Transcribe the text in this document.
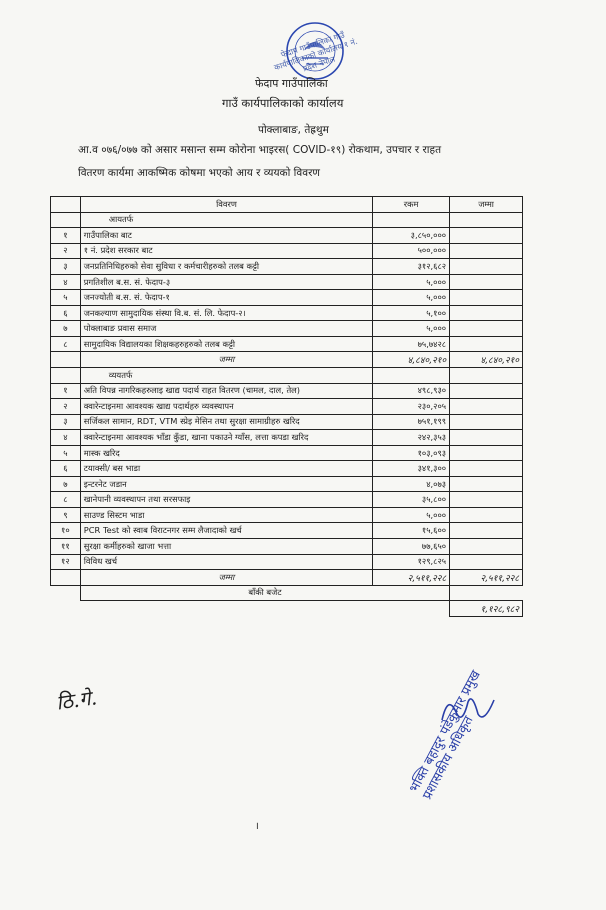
फेदाप गाउँपालिका गाउँ कार्यपालिकाको कार्यालय १ नं. प्रदेश नेपाल
फेदाप गाउँपालिका
गाउँ कार्यपालिकाको कार्यालय
पोक्लाबाङ, तेह्रथुम
आ.व ०७६/०७७ को असार मसान्त सम्म कोरोना भाइरस( COVID-१९) रोकथाम, उपचार र राहत
वितरण कार्यमा आकष्मिक कोषमा भएको आय र व्ययको विवरण
	विवरण	रकम	जम्मा
	आयतर्फ		
१	गाउँपालिका बाट	३,८५०,०००	
२	१ नं. प्रदेश सरकार बाट	५००,०००	
३	जनप्रतिनिधिहरुको सेवा सुविधा र कर्मचारीहरुको तलब कट्टी	३१२,६८२	
४	प्रगतिशील ब.स. सं. फेदाप-३	५,०००	
५	जनज्योती ब.स. सं. फेदाप-१	५,०००	
६	जनकल्याण सामुदायिक संस्था वि.ब. सं. लि. फेदाप-२।	५,१००	
७	पोक्लाबाङ प्रवास समाज	५,०००	
८	सामुदायिक विद्यालयका शिक्षकहरुहरुको तलब कट्टी	७५,७४२८	
	जम्मा	४,८४०,२१०	४,८४०,२१०
	व्ययतर्फ		
१	अति विपन्न नागरिकहरुलाइ खाद्य पदार्थ राहत वितरण (चामल, दाल, तेल)	४९८,९३०	
२	क्वारेन्टाइनमा आवश्यक खाद्य पदार्थहरु व्यवस्थापन	२३०,२०५	
३	सर्जिकल सामान, RDT, VTM स्प्रेइ मेसिन तथा सुरक्षा सामाग्रीहरु खरिद	७५१,१९९	
४	क्वारेन्टाइनमा आवश्यक भाँडा कुँडा, खाना पकाउने ग्याँस, लत्ता कपडा खरिद	२४२,३५३	
५	मास्क खरिद	१०३,०९३	
६	टयाक्सी/ बस भाडा	३४१,३००	
७	इन्टरनेट जडान	४,०७३	
८	खानेपानी व्यवस्थापन तथा सरसफाइ	३५,८००	
९	साउण्ड सिस्टम भाडा	५,०००	
१०	PCR Test को स्वाब विराटनगर सम्म लैजादाको खर्च	१५,६००	
११	सुरक्षा कर्मीहरुको खाजा भत्ता	७७,६५०	
१२	विविध खर्च	१२९,८२५	
	जम्मा	२,५११,२२८	२,५११,२२८
	बाँकी बजेट		
			१,१२८,९८२
ठि.गे.	भक्ति बहादुर पंडेकुमार प्रमुख प्रशासकीय अधिकृत
।
